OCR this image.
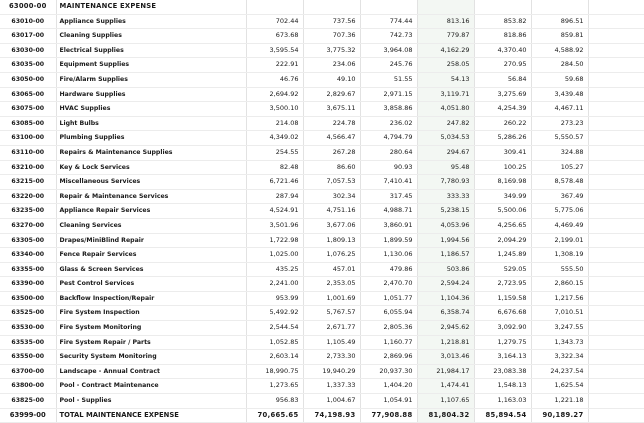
63000-00	MAINTENANCE EXPENSE							
63010-00	Appliance Supplies	702.44	737.56	774.44	813.16	853.82	896.51	
63017-00	Cleaning Supplies	673.68	707.36	742.73	779.87	818.86	859.81	
63030-00	Electrical Supplies	3,595.54	3,775.32	3,964.08	4,162.29	4,370.40	4,588.92	
63035-00	Equipment Supplies	222.91	234.06	245.76	258.05	270.95	284.50	
63050-00	Fire/Alarm Supplies	46.76	49.10	51.55	54.13	56.84	59.68	
63065-00	Hardware Supplies	2,694.92	2,829.67	2,971.15	3,119.71	3,275.69	3,439.48	
63075-00	HVAC Supplies	3,500.10	3,675.11	3,858.86	4,051.80	4,254.39	4,467.11	
63085-00	Light Bulbs	214.08	224.78	236.02	247.82	260.22	273.23	
63100-00	Plumbing Supplies	4,349.02	4,566.47	4,794.79	5,034.53	5,286.26	5,550.57	
63110-00	Repairs & Maintenance Supplies	254.55	267.28	280.64	294.67	309.41	324.88	
63210-00	Key & Lock Services	82.48	86.60	90.93	95.48	100.25	105.27	
63215-00	Miscellaneous Services	6,721.46	7,057.53	7,410.41	7,780.93	8,169.98	8,578.48	
63220-00	Repair & Maintenance Services	287.94	302.34	317.45	333.33	349.99	367.49	
63235-00	Appliance Repair Services	4,524.91	4,751.16	4,988.71	5,238.15	5,500.06	5,775.06	
63270-00	Cleaning Services	3,501.96	3,677.06	3,860.91	4,053.96	4,256.65	4,469.49	
63305-00	Drapes/MiniBlind Repair	1,722.98	1,809.13	1,899.59	1,994.56	2,094.29	2,199.01	
63340-00	Fence Repair Services	1,025.00	1,076.25	1,130.06	1,186.57	1,245.89	1,308.19	
63355-00	Glass & Screen Services	435.25	457.01	479.86	503.86	529.05	555.50	
63390-00	Pest Control Services	2,241.00	2,353.05	2,470.70	2,594.24	2,723.95	2,860.15	
63500-00	Backflow Inspection/Repair	953.99	1,001.69	1,051.77	1,104.36	1,159.58	1,217.56	
63525-00	Fire System Inspection	5,492.92	5,767.57	6,055.94	6,358.74	6,676.68	7,010.51	
63530-00	Fire System Monitoring	2,544.54	2,671.77	2,805.36	2,945.62	3,092.90	3,247.55	
63535-00	Fire System Repair / Parts	1,052.85	1,105.49	1,160.77	1,218.81	1,279.75	1,343.73	
63550-00	Security System Monitoring	2,603.14	2,733.30	2,869.96	3,013.46	3,164.13	3,322.34	
63700-00	Landscape - Annual Contract	18,990.75	19,940.29	20,937.30	21,984.17	23,083.38	24,237.54	
63800-00	Pool - Contract Maintenance	1,273.65	1,337.33	1,404.20	1,474.41	1,548.13	1,625.54	
63825-00	Pool - Supplies	956.83	1,004.67	1,054.91	1,107.65	1,163.03	1,221.18	
63999-00	TOTAL MAINTENANCE EXPENSE	70,665.65	74,198.93	77,908.88	81,804.32	85,894.54	90,189.27	
